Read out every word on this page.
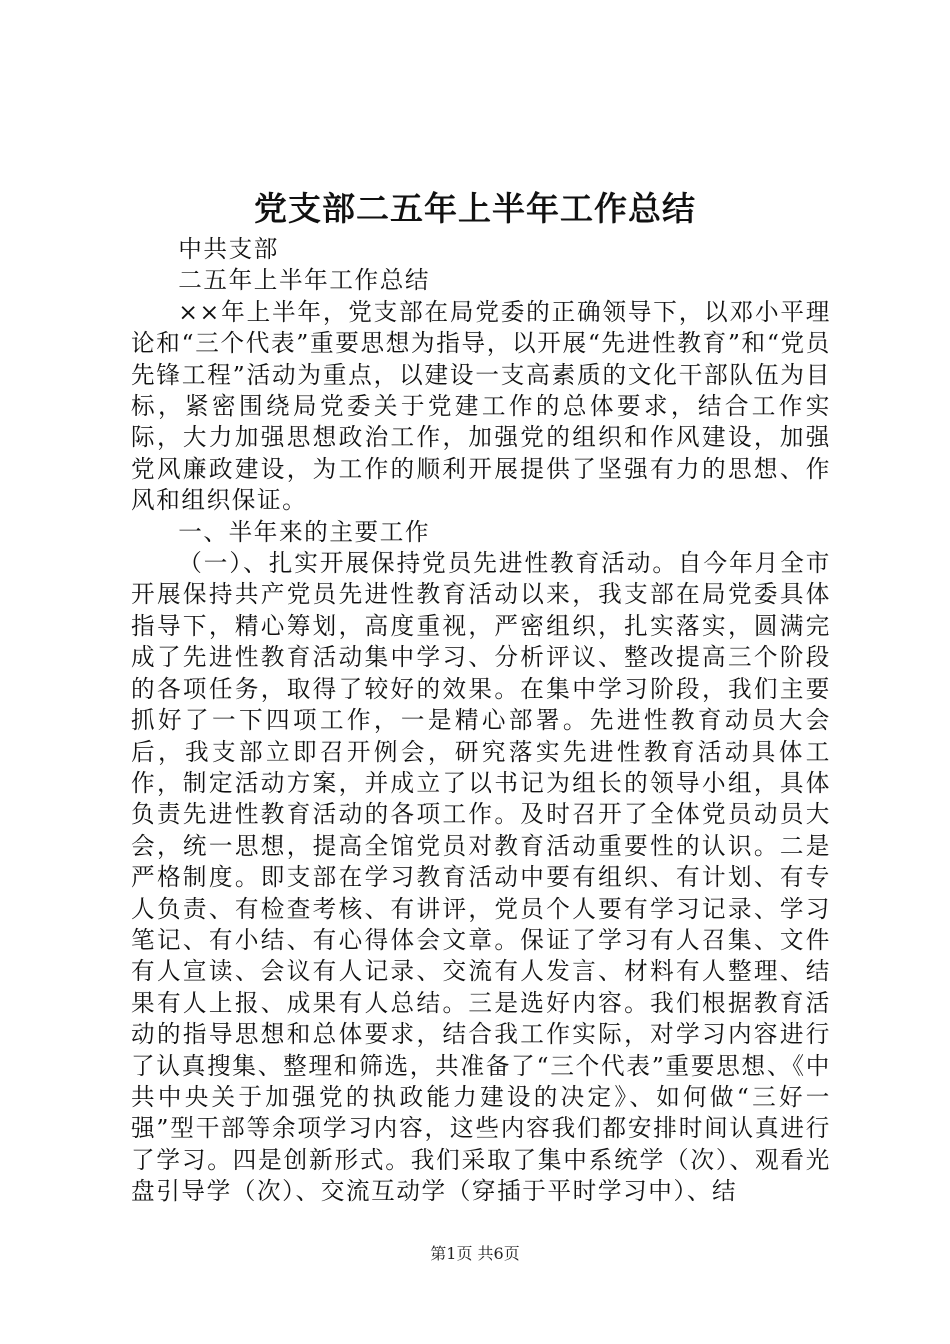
党支部二五年上半年工作总结

中共支部

二五年上半年工作总结

××年上半年，党支部在局党委的正确领导下，以邓小平理论和“三个代表”重要思想为指导，以开展“先进性教育”和“党员先锋工程”活动为重点，以建设一支高素质的文化干部队伍为目标，紧密围绕局党委关于党建工作的总体要求，结合工作实际，大力加强思想政治工作，加强党的组织和作风建设，加强党风廉政建设，为工作的顺利开展提供了坚强有力的思想、作风和组织保证。

一、半年来的主要工作

（一）、扎实开展保持党员先进性教育活动。自今年月全市开展保持共产党员先进性教育活动以来，我支部在局党委具体指导下，精心筹划，高度重视，严密组织，扎实落实，圆满完成了先进性教育活动集中学习、分析评议、整改提高三个阶段的各项任务，取得了较好的效果。在集中学习阶段，我们主要抓好了一下四项工作，一是精心部署。先进性教育动员大会后，我支部立即召开例会，研究落实先进性教育活动具体工作，制定活动方案，并成立了以书记为组长的领导小组，具体负责先进性教育活动的各项工作。及时召开了全体党员动员大会，统一思想，提高全馆党员对教育活动重要性的认识。二是严格制度。即支部在学习教育活动中要有组织、有计划、有专人负责、有检查考核、有讲评，党员个人要有学习记录、学习笔记、有小结、有心得体会文章。保证了学习有人召集、文件有人宣读、会议有人记录、交流有人发言、材料有人整理、结果有人上报、成果有人总结。三是选好内容。我们根据教育活动的指导思想和总体要求，结合我工作实际，对学习内容进行了认真搜集、整理和筛选，共准备了“三个代表”重要思想、《中共中央关于加强党的执政能力建设的决定》、如何做“三好一强”型干部等余项学习内容，这些内容我们都安排时间认真进行了学习。四是创新形式。我们采取了集中系统学（次）、观看光盘引导学（次）、交流互动学（穿插于平时学习中）、结

第1页 共6页
